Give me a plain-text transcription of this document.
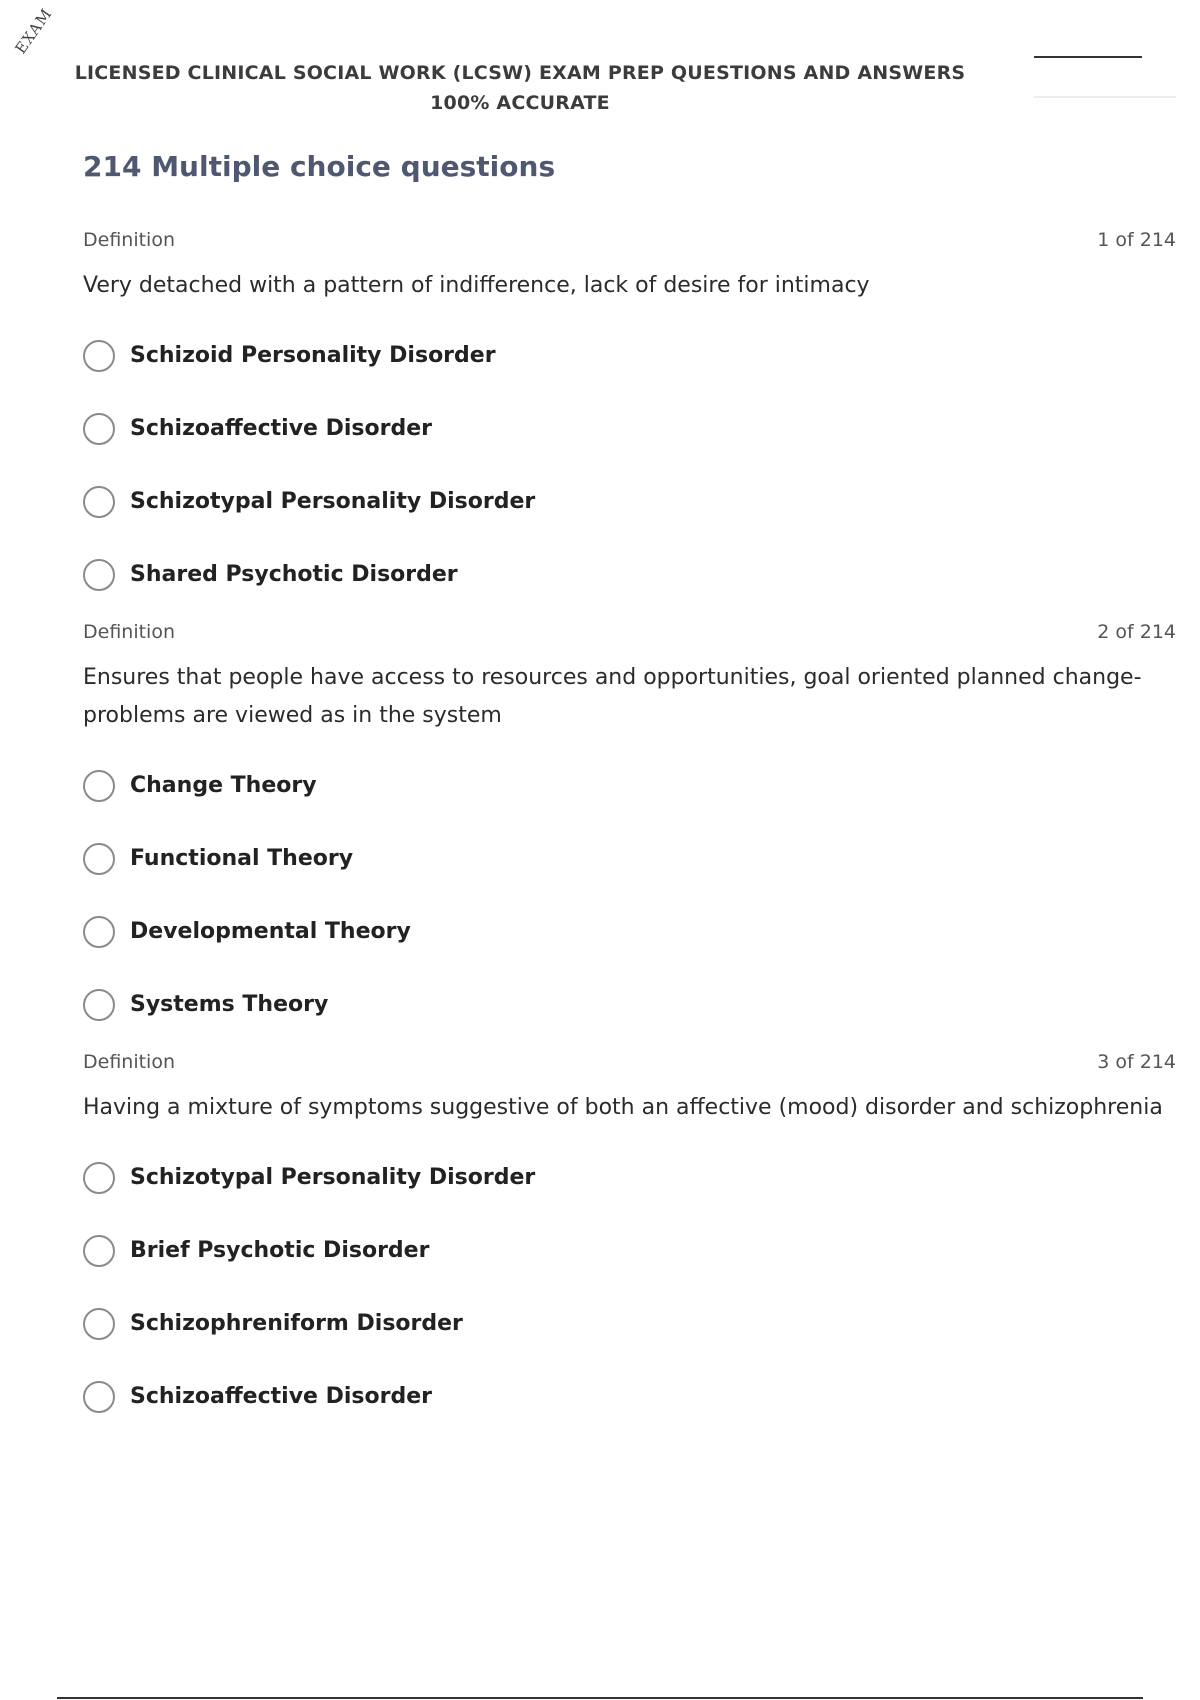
EXAM
LICENSED CLINICAL SOCIAL WORK (LCSW) EXAM PREP QUESTIONS AND ANSWERS
100% ACCURATE
214 Multiple choice questions
Definition	1 of 214
Very detached with a pattern of indifference, lack of desire for intimacy
Schizoid Personality Disorder
Schizoaffective Disorder
Schizotypal Personality Disorder
Shared Psychotic Disorder
Definition	2 of 214
Ensures that people have access to resources and opportunities, goal oriented planned change- problems are viewed as in the system
Change Theory
Functional Theory
Developmental Theory
Systems Theory
Definition	3 of 214
Having a mixture of symptoms suggestive of both an affective (mood) disorder and schizophrenia
Schizotypal Personality Disorder
Brief Psychotic Disorder
Schizophreniform Disorder
Schizoaffective Disorder
